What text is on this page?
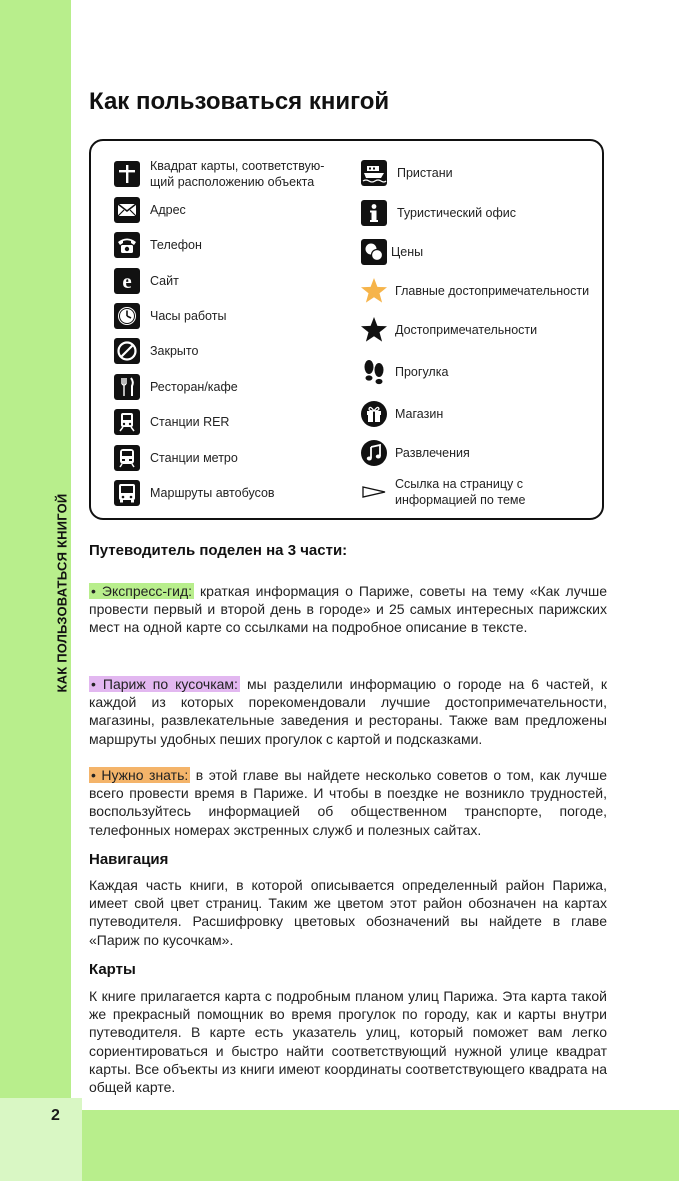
КАК ПОЛЬЗОВАТЬСЯ КНИГОЙ
2
Как пользоваться книгой
Квадрат карты, соответствую-щий расположению объекта
Адрес
Телефон
e Сайт
Часы работы
Закрыто
Ресторан/кафе
Станции RER
Станции метро
Маршруты автобусов
Пристани
Туристический офис
Цены
Главные достопримечательности
Достопримечательности
Прогулка
Магазин
Развлечения
Ссылка на страницу с информацией по теме
Путеводитель поделен на 3 части:

• Экспресс-гид: краткая информация о Париже, советы на тему «Как лучше провести первый и второй день в городе» и 25 самых интересных парижских мест на одной карте со ссылками на подробное описание в тексте.

• Париж по кусочкам: мы разделили информацию о городе на 6 частей, к каждой из которых порекомендовали лучшие достопримечательности, магазины, развлекательные заведения и рестораны. Также вам предложены маршруты удобных пеших прогулок с картой и подсказками.

• Нужно знать: в этой главе вы найдете несколько советов о том, как лучше всего провести время в Париже. И чтобы в поездке не возникло трудностей, воспользуйтесь информацией об общественном транспорте, погоде, телефонных номерах экстренных служб и полезных сайтах.

Навигация

Каждая часть книги, в которой описывается определенный район Парижа, имеет свой цвет страниц. Таким же цветом этот район обозначен на картах путеводителя. Расшифровку цветовых обозначений вы найдете в главе «Париж по кусочкам».

Карты

К книге прилагается карта с подробным планом улиц Парижа. Эта карта такой же прекрасный помощник во время прогулок по городу, как и карты внутри путеводителя. В карте есть указатель улиц, который поможет вам легко сориентироваться и быстро найти соответствующий нужной улице квадрат карты. Все объекты из книги имеют координаты соответствующего квадрата на общей карте.
